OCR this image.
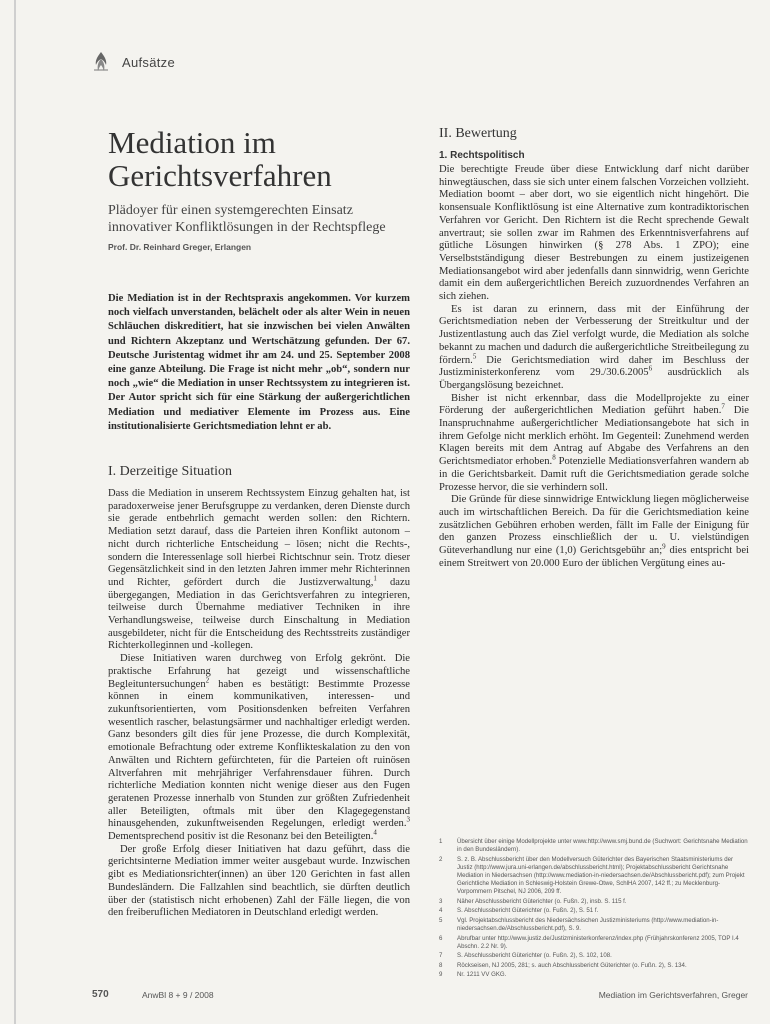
Aufsätze
Mediation im
Gerichtsverfahren

Plädoyer für einen systemgerechten Einsatz innovativer Konfliktlösungen in der Rechtspflege

Prof. Dr. Reinhard Greger, Erlangen

Die Mediation ist in der Rechtspraxis angekommen. Vor kurzem noch vielfach unverstanden, belächelt oder als alter Wein in neuen Schläuchen diskreditiert, hat sie inzwischen bei vielen Anwälten und Richtern Akzeptanz und Wertschätzung gefunden. Der 67. Deutsche Juristentag widmet ihr am 24. und 25. September 2008 eine ganze Abteilung. Die Frage ist nicht mehr „ob“, sondern nur noch „wie“ die Mediation in unser Rechtssystem zu integrieren ist. Der Autor spricht sich für eine Stärkung der außergerichtlichen Mediation und mediativer Elemente im Prozess aus. Eine institutionalisierte Gerichtsmediation lehnt er ab.

I. Derzeitige Situation

Dass die Mediation in unserem Rechtssystem Einzug gehalten hat, ist paradoxerweise jener Berufsgruppe zu verdanken, deren Dienste durch sie gerade entbehrlich gemacht werden sollen: den Richtern. Mediation setzt darauf, dass die Parteien ihren Konflikt autonom – nicht durch richterliche Entscheidung – lösen; nicht die Rechts-, sondern die Interessenlage soll hierbei Richtschnur sein. Trotz dieser Gegensätzlichkeit sind in den letzten Jahren immer mehr Richterinnen und Richter, gefördert durch die Justizverwaltung,$^1$ dazu übergegangen, Mediation in das Gerichtsverfahren zu integrieren, teilweise durch Übernahme mediativer Techniken in ihre Verhandlungsweise, teilweise durch Einschaltung in Mediation ausgebildeter, nicht für die Entscheidung des Rechtsstreits zuständiger Richterkolleginnen und -kollegen.

Diese Initiativen waren durchweg von Erfolg gekrönt. Die praktische Erfahrung hat gezeigt und wissenschaftliche Begleituntersuchungen$^2$ haben es bestätigt: Bestimmte Prozesse können in einem kommunikativen, interessen- und zukunftsorientierten, vom Positionsdenken befreiten Verfahren wesentlich rascher, belastungsärmer und nachhaltiger erledigt werden. Ganz besonders gilt dies für jene Prozesse, die durch Komplexität, emotionale Befrachtung oder extreme Konflikteskalation zu den von Anwälten und Richtern gefürchteten, für die Parteien oft ruinösen Altverfahren mit mehrjähriger Verfahrensdauer führen. Durch richterliche Mediation konnten nicht wenige dieser aus den Fugen geratenen Prozesse innerhalb von Stunden zur größten Zufriedenheit aller Beteiligten, oftmals mit über den Klagegegenstand hinausgehenden, zukunftweisenden Regelungen, erledigt werden.$^3$ Dementsprechend positiv ist die Resonanz bei den Beteiligten.$^4$

Der große Erfolg dieser Initiativen hat dazu geführt, dass die gerichtsinterne Mediation immer weiter ausgebaut wurde. Inzwischen gibt es Mediationsrichter(innen) an über 120 Gerichten in fast allen Bundesländern. Die Fallzahlen sind beachtlich, sie dürften deutlich über der (statistisch nicht erhobenen) Zahl der Fälle liegen, die von den freiberuflichen Mediatoren in Deutschland erledigt werden.

II. Bewertung
1. Rechtspolitisch

Die berechtigte Freude über diese Entwicklung darf nicht darüber hinwegtäuschen, dass sie sich unter einem falschen Vorzeichen vollzieht. Mediation boomt – aber dort, wo sie eigentlich nicht hingehört. Die konsensuale Konfliktlösung ist eine Alternative zum kontradiktorischen Verfahren vor Gericht. Den Richtern ist die Recht sprechende Gewalt anvertraut; sie sollen zwar im Rahmen des Erkenntnisverfahrens auf gütliche Lösungen hinwirken (§ 278 Abs. 1 ZPO); eine Verselbstständigung dieser Bestrebungen zu einem justizeigenen Mediationsangebot wird aber jedenfalls dann sinnwidrig, wenn Gerichte damit ein dem außergerichtlichen Bereich zuzuordnendes Verfahren an sich ziehen.

Es ist daran zu erinnern, dass mit der Einführung der Gerichtsmediation neben der Verbesserung der Streitkultur und der Justizentlastung auch das Ziel verfolgt wurde, die Mediation als solche bekannt zu machen und dadurch die außergerichtliche Streitbeilegung zu fördern.$^5$ Die Gerichtsmediation wird daher im Beschluss der Justizministerkonferenz vom 29./30.6.2005$^6$ ausdrücklich als Übergangslösung bezeichnet.

Bisher ist nicht erkennbar, dass die Modellprojekte zu einer Förderung der außergerichtlichen Mediation geführt haben.$^7$ Die Inanspruchnahme außergerichtlicher Mediationsangebote hat sich in ihrem Gefolge nicht merklich erhöht. Im Gegenteil: Zunehmend werden Klagen bereits mit dem Antrag auf Abgabe des Verfahrens an den Gerichtsmediator erhoben.$^8$ Potenzielle Mediationsverfahren wandern ab in die Gerichtsbarkeit. Damit ruft die Gerichtsmediation gerade solche Prozesse hervor, die sie verhindern soll.

Die Gründe für diese sinnwidrige Entwicklung liegen möglicherweise auch im wirtschaftlichen Bereich. Da für die Gerichtsmediation keine zusätzlichen Gebühren erhoben werden, fällt im Falle der Einigung für den ganzen Prozess einschließlich der u. U. vielstündigen Güteverhandlung nur eine (1,0) Gerichtsgebühr an;$^9$ dies entspricht bei einem Streitwert von 20.000 Euro der üblichen Vergütung eines au-

1	Übersicht über einige Modellprojekte unter www.http://www.smj.bund.de (Suchwort: Gerichtsnahe Mediation in den Bundesländern).
2	S. z. B. Abschlussbericht über den Modellversuch Güterichter des Bayerischen Staatsministeriums der Justiz (http://www.jura.uni-erlangen.de/abschlussbericht.html); Projektabschlussbericht Gerichtsnahe Mediation in Niedersachsen (http://www.mediation-in-niedersachsen.de/Abschlussbericht.pdf); zum Projekt Gerichtliche Mediation in Schleswig-Holstein Grewe-Otwe, SchlHA 2007, 142 ff.; zu Mecklenburg-Vorpommern Pitschel, NJ 2006, 209 ff.
3	Näher Abschlussbericht Güterichter (o. Fußn. 2), insb. S. 115 f.
4	S. Abschlussbericht Güterichter (o. Fußn. 2), S. 51 f.
5	Vgl. Projektabschlussbericht des Niedersächsischen Justizministeriums (http://www.mediation-in-niedersachsen.de/Abschlussbericht.pdf), S. 9.
6	Abrufbar unter http://www.justiz.de/Justizministerkonferenz/index.php (Frühjahrskonferenz 2005, TOP I.4 Abschn. 2.2 Nr. 9).
7	S. Abschlussbericht Güterichter (o. Fußn. 2), S. 102, 108.
8	Röckseisen, NJ 2005, 281; s. auch Abschlussbericht Güterichter (o. Fußn. 2), S. 134.
9	Nr. 1211 VV GKG.
570	AnwBl 8 + 9 / 2008	Mediation im Gerichtsverfahren, Greger
